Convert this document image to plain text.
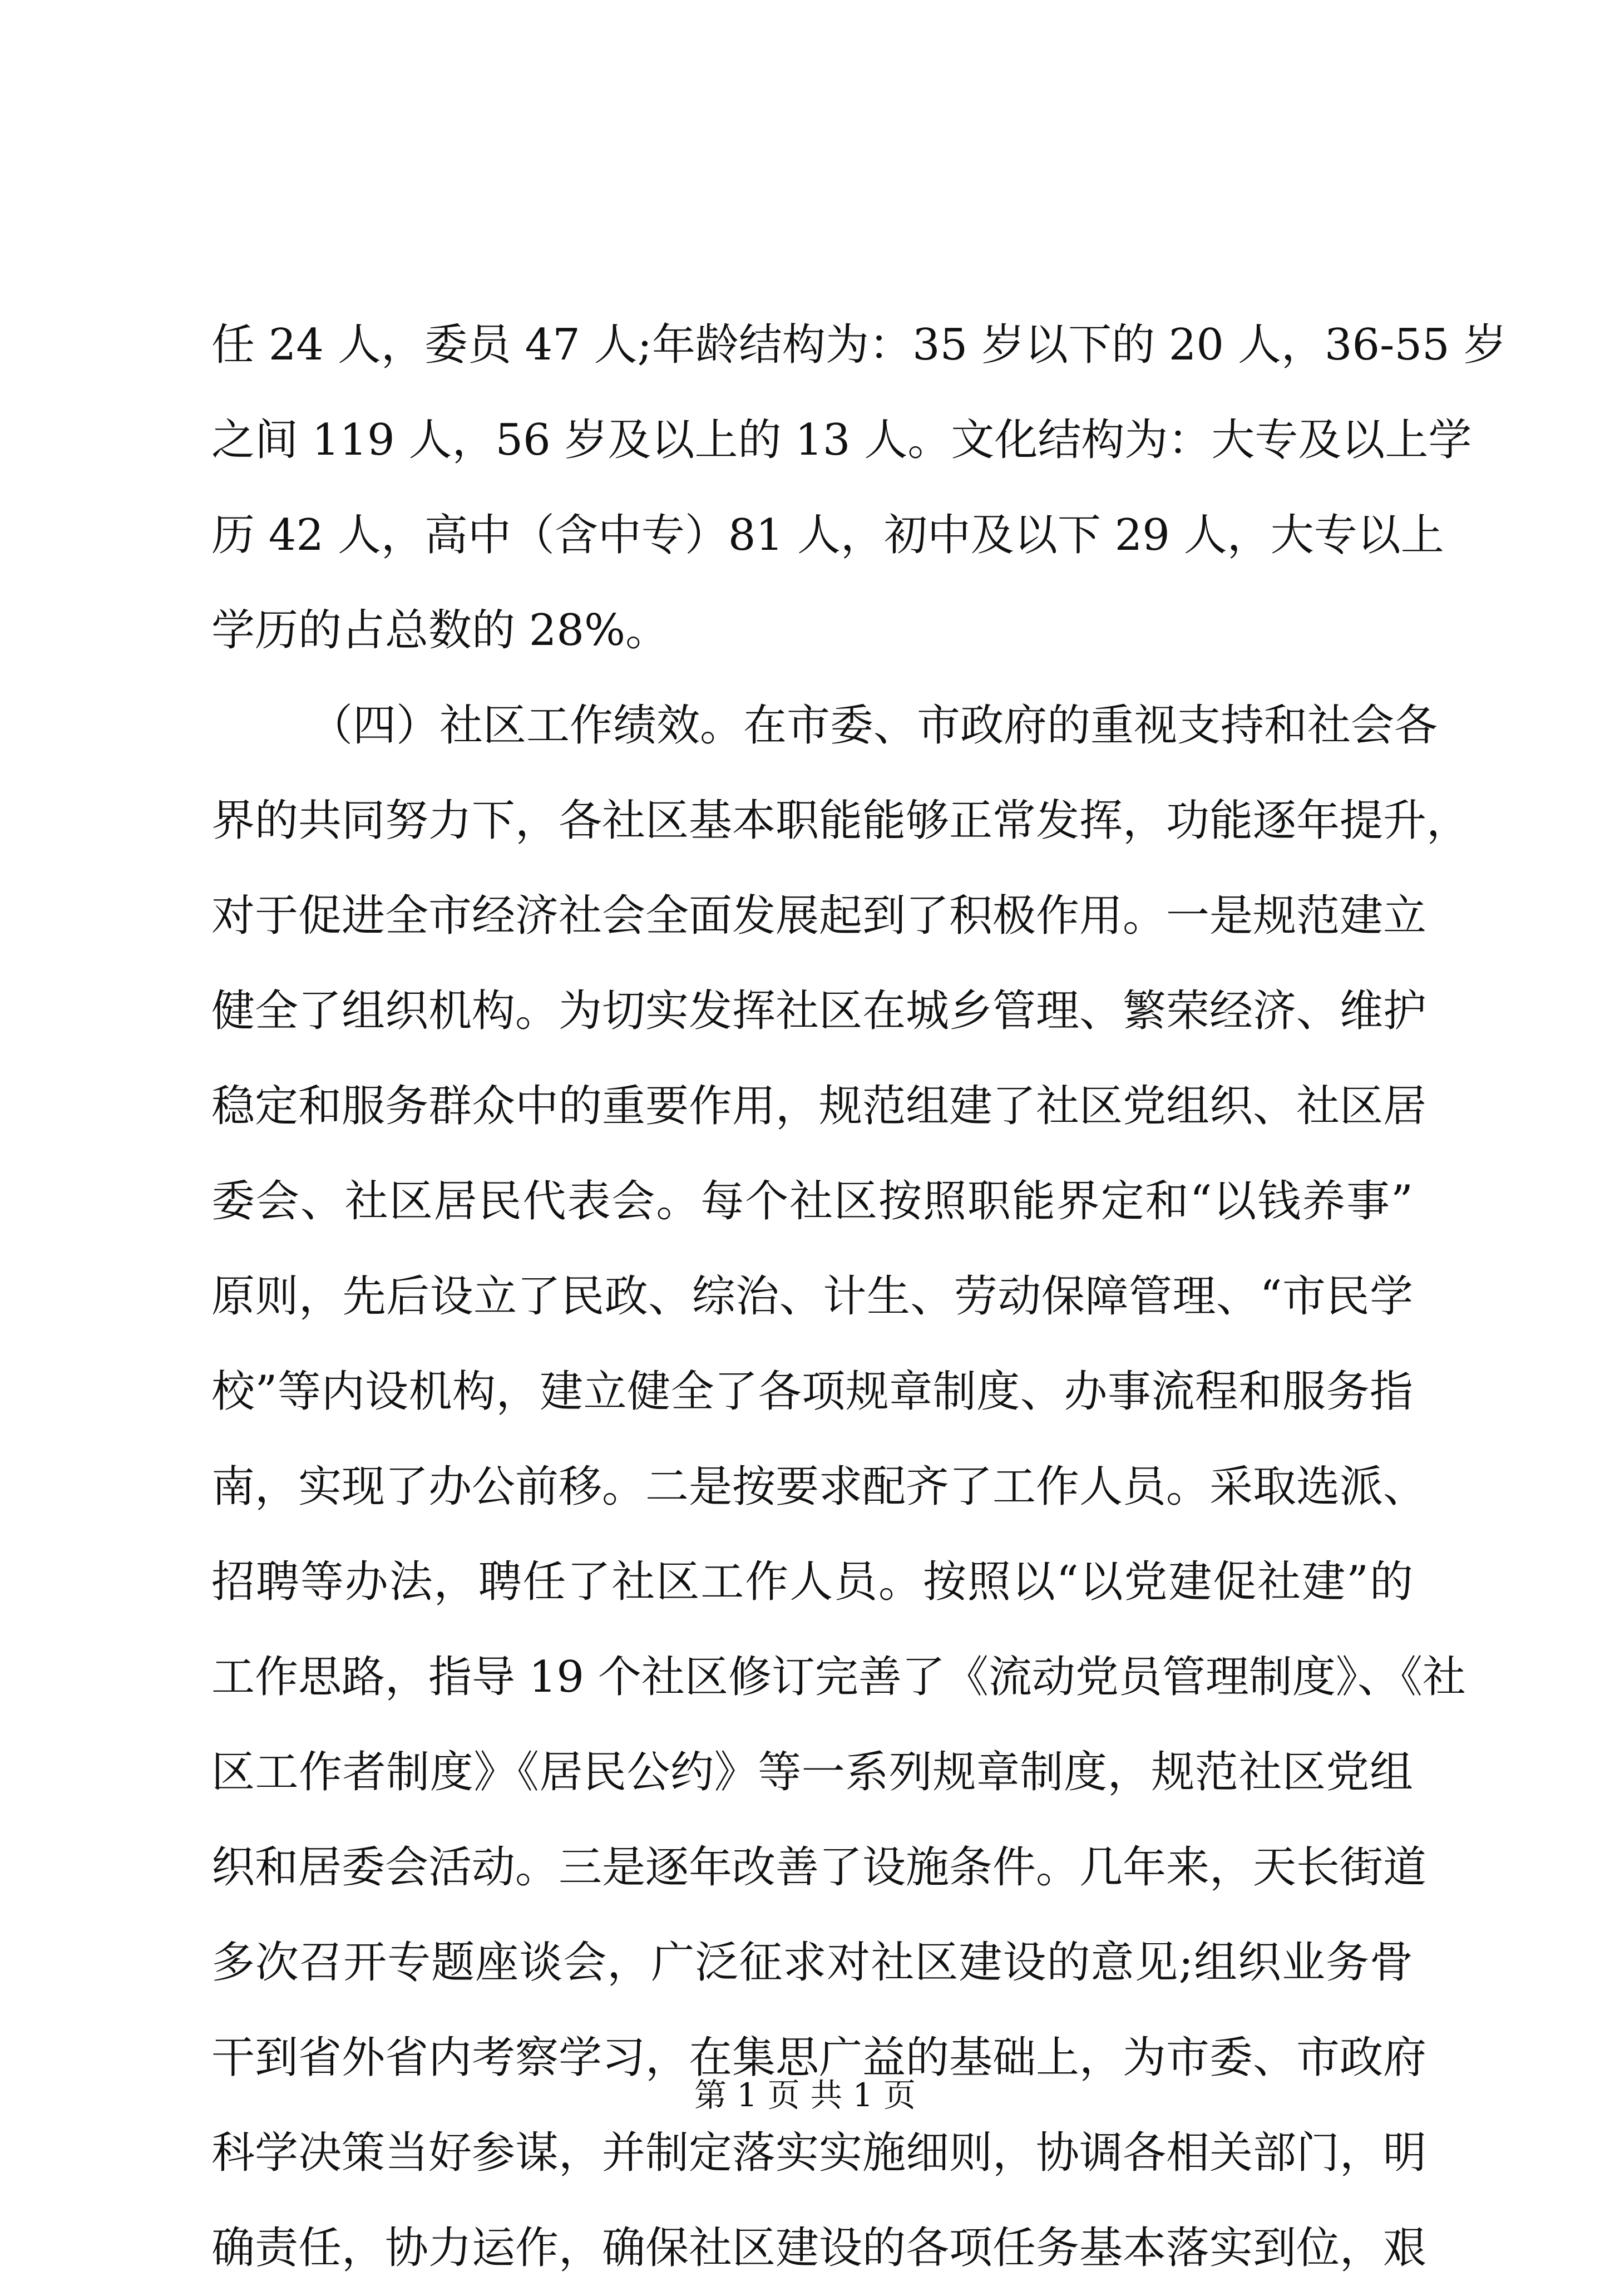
任 24 人，委员 47 人;年龄结构为：35 岁以下的 20 人，36-55 岁
之间 119 人，56 岁及以上的 13 人。文化结构为：大专及以上学
历 42 人，高中（含中专）81 人，初中及以下 29 人，大专以上
学历的占总数的 28%。
（四）社区工作绩效。在市委、市政府的重视支持和社会各
界的共同努力下，各社区基本职能能够正常发挥，功能逐年提升，
对于促进全市经济社会全面发展起到了积极作用。一是规范建立
健全了组织机构。为切实发挥社区在城乡管理、繁荣经济、维护
稳定和服务群众中的重要作用，规范组建了社区党组织、社区居
委会、社区居民代表会。每个社区按照职能界定和“以钱养事”
原则，先后设立了民政、综治、计生、劳动保障管理、“市民学
校”等内设机构，建立健全了各项规章制度、办事流程和服务指
南，实现了办公前移。二是按要求配齐了工作人员。采取选派、
招聘等办法，聘任了社区工作人员。按照以“以党建促社建”的
工作思路，指导 19 个社区修订完善了《流动党员管理制度》、《社
区工作者制度》《居民公约》等一系列规章制度，规范社区党组
织和居委会活动。三是逐年改善了设施条件。几年来，天长街道
多次召开专题座谈会，广泛征求对社区建设的意见;组织业务骨
干到省外省内考察学习，在集思广益的基础上，为市委、市政府
科学决策当好参谋，并制定落实实施细则，协调各相关部门，明
确责任，协力运作，确保社区建设的各项任务基本落实到位，艰
第 1 页 共 1 页
